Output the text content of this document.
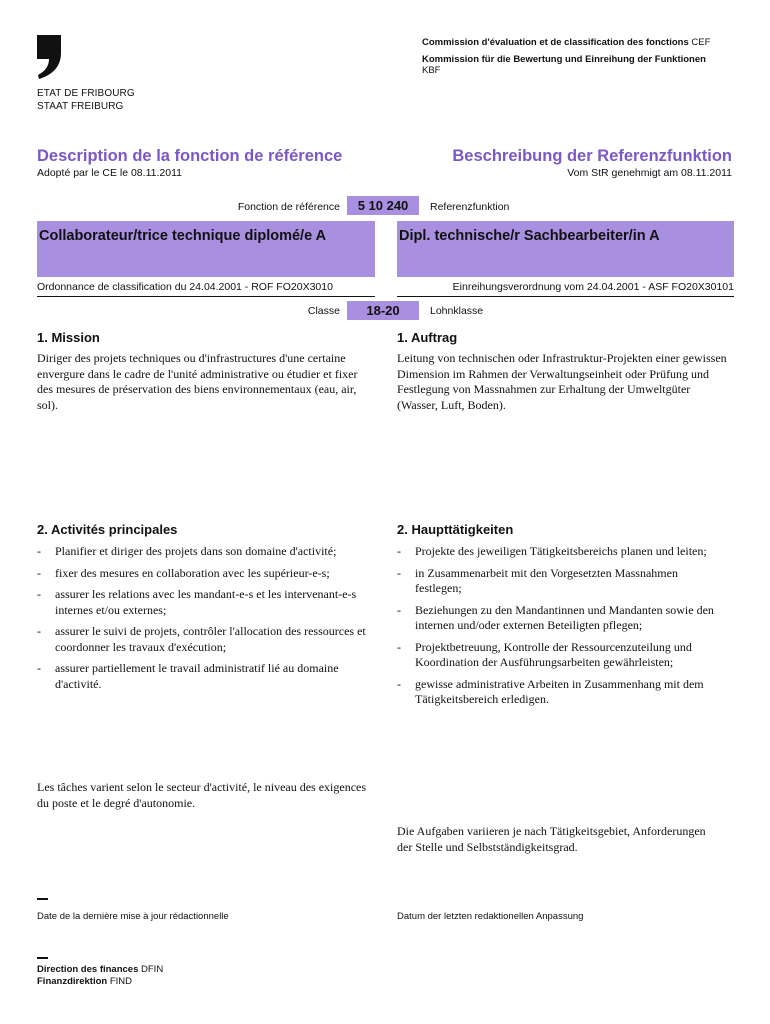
ETAT DE FRIBOURG
STAAT FREIBURG
Commission d'évaluation et de classification des fonctions CEF
Kommission für die Bewertung und Einreihung der Funktionen KBF
Description de la fonction de référence	Beschreibung der Referenzfunktion
Adopté par le CE le 08.11.2011	Vom StR genehmigt am 08.11.2011
Fonction de référence	5 10 240	Referenzfunktion
Collaborateur/trice technique diplomé/e A	Dipl. technische/r Sachbearbeiter/in A
Ordonnance de classification du 24.04.2001 - ROF FO20X3010	Einreihungsverordnung vom 24.04.2001 - ASF FO20X30101
Classe	18-20	Lohnklasse
1. Mission	1. Auftrag
Diriger des projets techniques ou d'infrastructures d'une certaine envergure dans le cadre de l'unité administrative ou étudier et fixer des mesures de préservation des biens environnementaux (eau, air, sol).
Leitung von technischen oder Infrastruktur-Projekten einer gewissen Dimension im Rahmen der Verwaltungseinheit oder Prüfung und Festlegung von Massnahmen zur Erhaltung der Umweltgüter (Wasser, Luft, Boden).
2. Activités principales	2. Haupttätigkeiten
- Planifier et diriger des projets dans son domaine d'activité;
- fixer des mesures en collaboration avec les supérieur-e-s;
- assurer les relations avec les mandant-e-s et les intervenant-e-s internes et/ou externes;
- assurer le suivi de projets, contrôler l'allocation des ressources et coordonner les travaux d'exécution;
- assurer partiellement le travail administratif lié au domaine d'activité.
- Projekte des jeweiligen Tätigkeitsbereichs planen und leiten;
- in Zusammenarbeit mit den Vorgesetzten Massnahmen festlegen;
- Beziehungen zu den Mandantinnen und Mandanten sowie den internen und/oder externen Beteiligten pflegen;
- Projektbetreuung, Kontrolle der Ressourcenzuteilung und Koordination der Ausführungsarbeiten gewährleisten;
- gewisse administrative Arbeiten in Zusammenhang mit dem Tätigkeitsbereich erledigen.
Les tâches varient selon le secteur d'activité, le niveau des exigences du poste et le degré d'autonomie.
Die Aufgaben variieren je nach Tätigkeitsgebiet, Anforderungen der Stelle und Selbstständigkeitsgrad.
Date de la dernière mise à jour rédactionnelle	Datum der letzten redaktionellen Anpassung
Direction des finances DFIN
Finanzdirektion FIND
